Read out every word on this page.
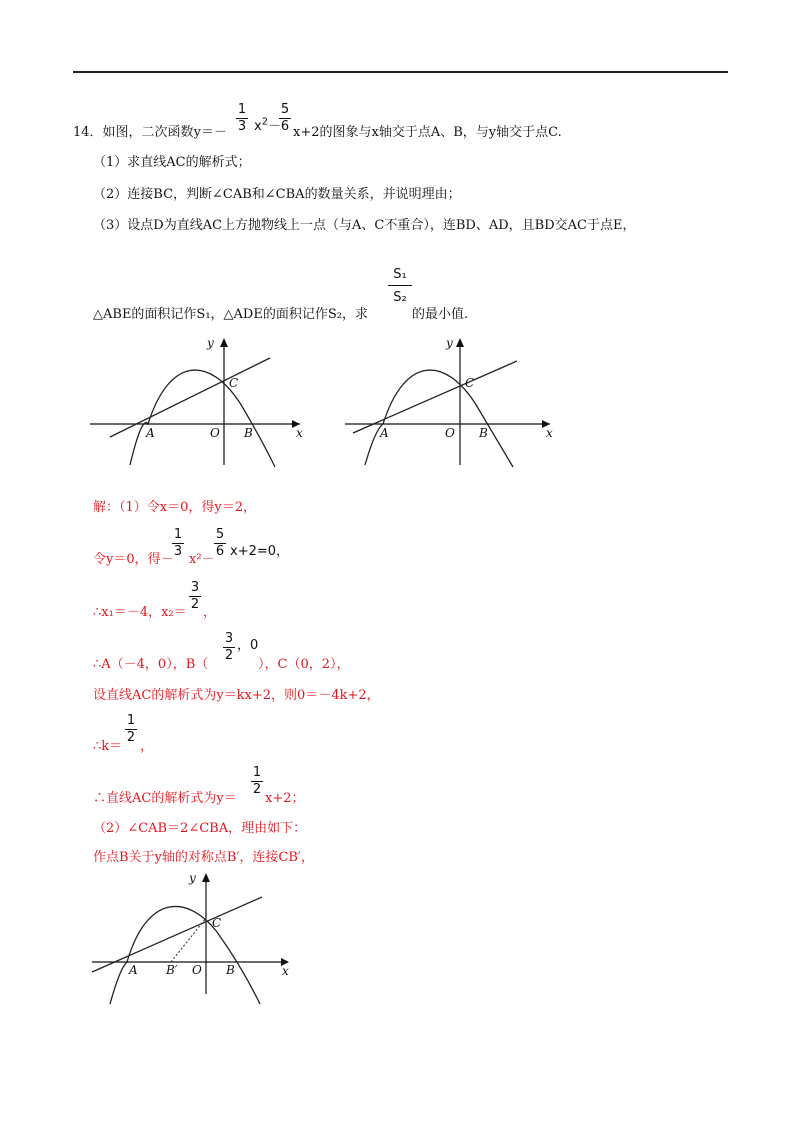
14．如图，二次函数y＝－
1
3 $x^2-$
5
6 x+2的图象与x轴交于点A、B，与y轴交于点C.
（1）求直线AC的解析式；
（2）连接BC，判断∠CAB和∠CBA的数量关系，并说明理由；
（3）设点D为直线AC上方抛物线上一点（与A、C不重合），连BD、AD，且BD交AC于点E，
△ABE的面积记作S₁，△ADE的面积记作S₂，求
S₁
S₂
的最小值.
y
x
A	O B
C
y
x
A	O B
C
解：（1）令x＝0，得y＝2，
令y＝0，得－
1
3
x²－
5
6 x+2=0，
∴x₁＝－4，x₂＝
3
2
，
∴A（－4，0），B（
3
2
，0
），C（0，2），
设直线AC的解析式为y＝kx+2，则0＝－4k+2，
∴k＝
1
2
，
∴直线AC的解析式为y＝
1
2
x+2；
（2）∠CAB＝2∠CBA，理由如下：
作点B关于y轴的对称点B′，连接CB′，
y
x
A B′ O B
C
